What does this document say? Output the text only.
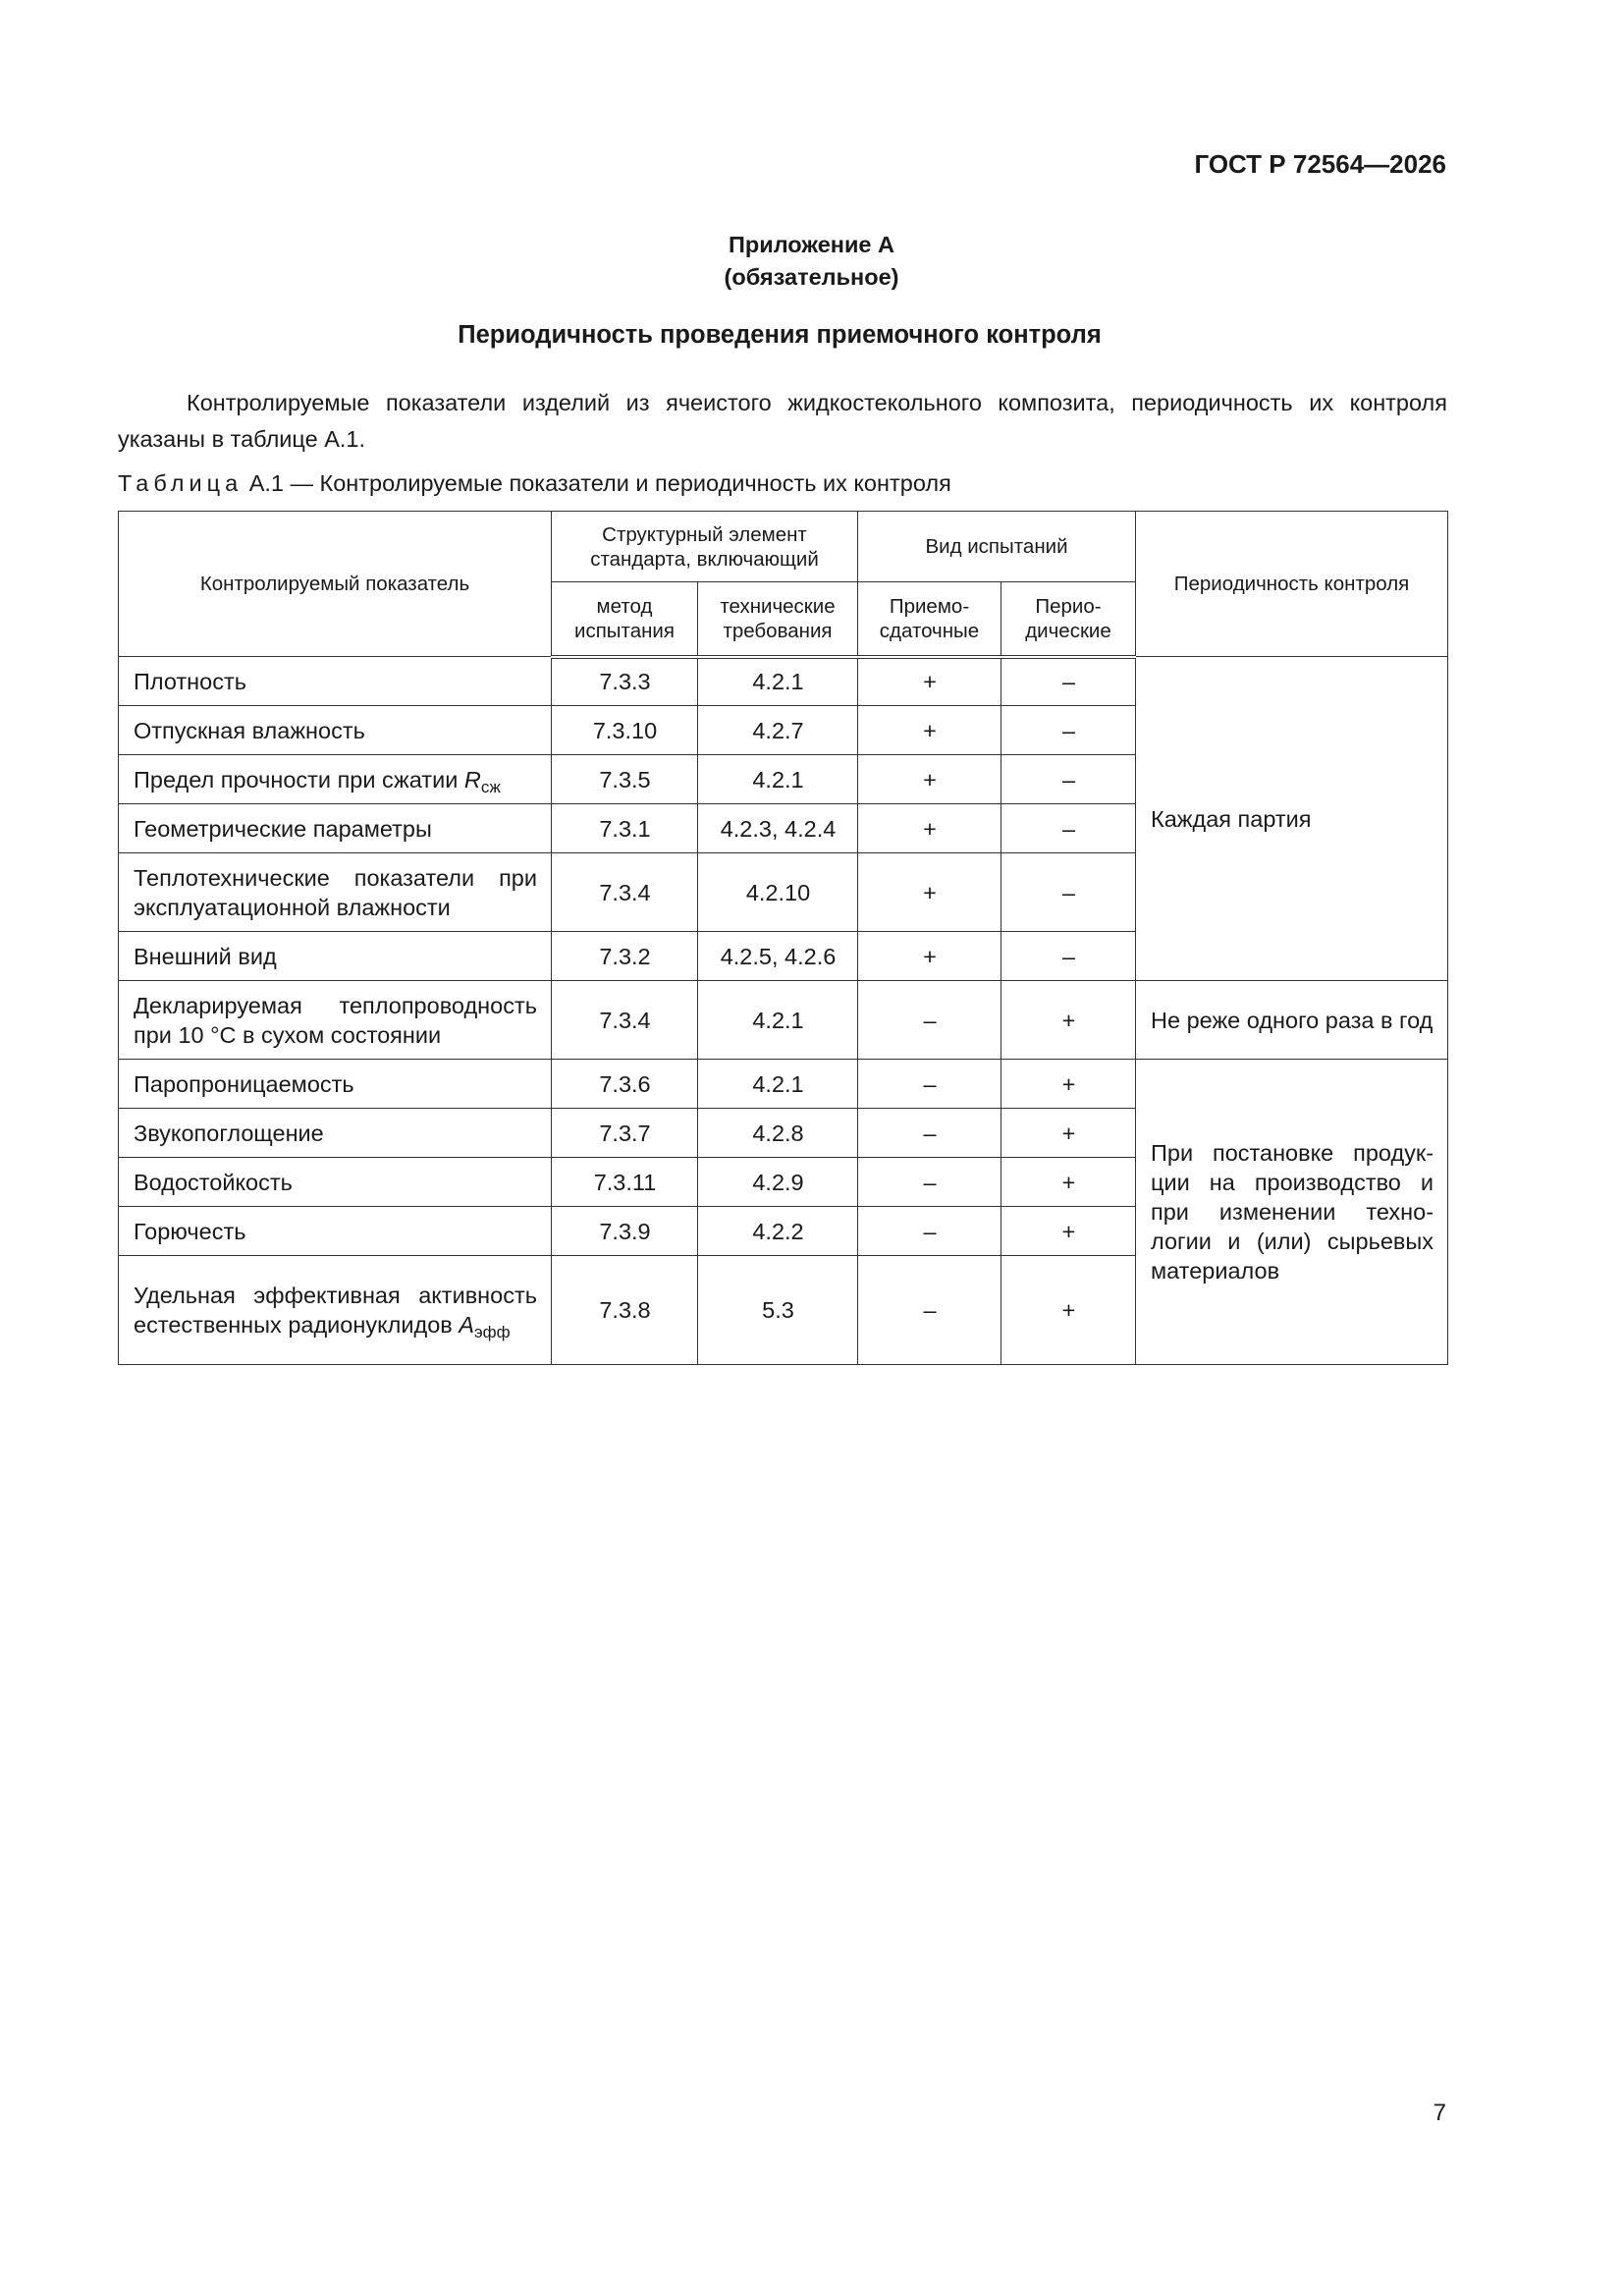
ГОСТ Р 72564—2026

Приложение А

(обязательное)

Периодичность проведения приемочного контроля

Контролируемые показатели изделий из ячеистого жидкостекольного композита, периодичность их контроля указаны в таблице А.1.

Таблица А.1 — Контролируемые показатели и периодичность их контроля

Контролируемый показатель	Структурный элемент стандарта, включающий		Вид испытаний		Периодичность контроля
	метод испытания	технические требования	Приемо-сдаточные	Перио-дические	
Плотность	7.3.3	4.2.1	+	–	Каждая партия
Отпускная влажность	7.3.10	4.2.7	+	–	
Предел прочности при сжатии $R_{сж}$	7.3.5	4.2.1	+	–	
Геометрические параметры	7.3.1	4.2.3, 4.2.4	+	–	
Теплотехнические показатели при эксплуатационной влажности	7.3.4	4.2.10	+	–	
Внешний вид	7.3.2	4.2.5, 4.2.6	+	–	
Декларируемая теплопроводность при 10 °С в сухом состоянии	7.3.4	4.2.1	–	+	Не реже одного раза в год
Паропроницаемость	7.3.6	4.2.1	–	+	При постановке продукции на производство и при изменении технологии и (или) сырьевых материалов
Звукопоглощение	7.3.7	4.2.8	–	+	
Водостойкость	7.3.11	4.2.9	–	+	
Горючесть	7.3.9	4.2.2	–	+	
Удельная эффективная активность естественных радионуклидов $А_{эфф}$	7.3.8	5.3	–	+	

7
